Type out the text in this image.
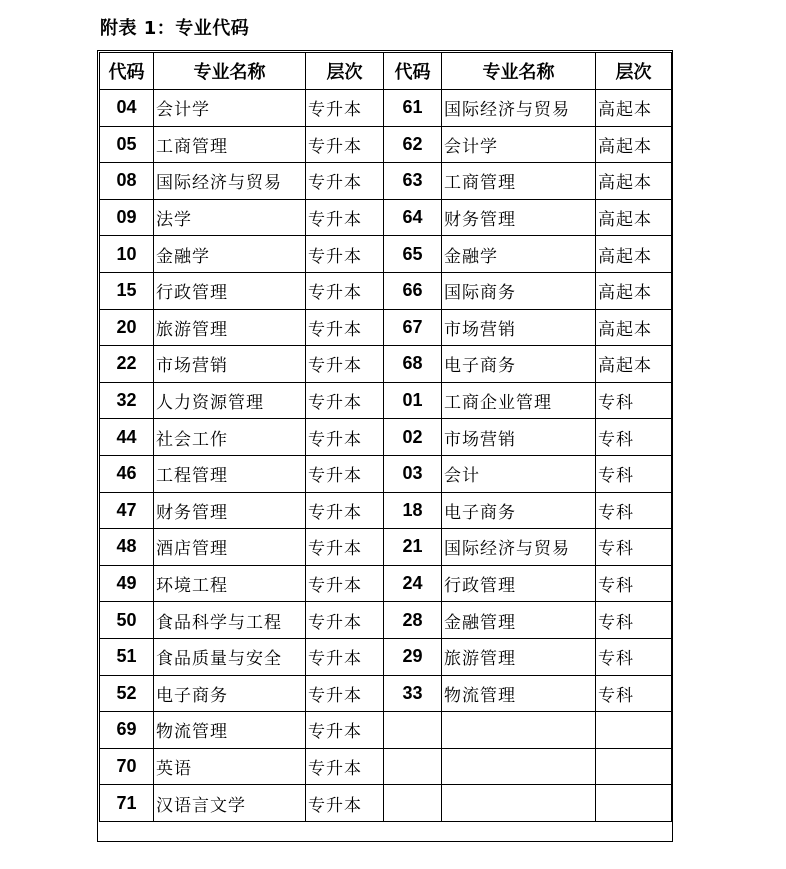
附表 1：专业代码
代码	专业名称	层次	代码	专业名称	层次
04	会计学	专升本	61	国际经济与贸易	高起本
05	工商管理	专升本	62	会计学	高起本
08	国际经济与贸易	专升本	63	工商管理	高起本
09	法学	专升本	64	财务管理	高起本
10	金融学	专升本	65	金融学	高起本
15	行政管理	专升本	66	国际商务	高起本
20	旅游管理	专升本	67	市场营销	高起本
22	市场营销	专升本	68	电子商务	高起本
32	人力资源管理	专升本	01	工商企业管理	专科
44	社会工作	专升本	02	市场营销	专科
46	工程管理	专升本	03	会计	专科
47	财务管理	专升本	18	电子商务	专科
48	酒店管理	专升本	21	国际经济与贸易	专科
49	环境工程	专升本	24	行政管理	专科
50	食品科学与工程	专升本	28	金融管理	专科
51	食品质量与安全	专升本	29	旅游管理	专科
52	电子商务	专升本	33	物流管理	专科
69	物流管理	专升本			
70	英语	专升本			
71	汉语言文学	专升本			
